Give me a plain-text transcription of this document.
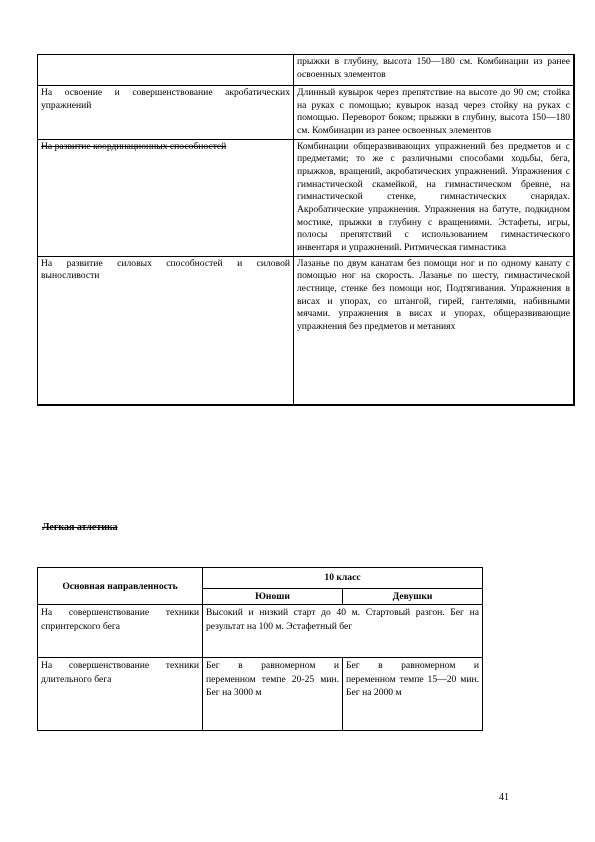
	прыжки в глубину, высота 150—180 см. Комбинации из ранее освоенных элементов
На освоение и совершенствование акробатических упражнений	Длинный кувырок через препятствие на высоте до 90 см; стойка на руках с помощью; кувырок назад через стойку на руках с помощью. Переворот боком; прыжки в глубину, высота 150—180 см. Комбинации из ранее освоенных элементов
На развитие координационных способностей	Комбинации общеразвивающих упражнений без предметов и с предметами; то же с различными способами ходьбы, бега, прыжков, вращений, акробатических упражнений. Упражнения с гимнастической скамейкой, на гимнастическом бревне, на гимнастической стенке, гимнастических снарядах. Акробатические упражнения. Упражнения на батуте, подкидном мостике, прыжки в глубину с вращениями. Эстафеты, игры, полосы препятствий с использованием гимнастического инвентаря и упражнений. Ритмическая гимнастика
На развитие силовых способностей и силовой выносливости	Лазанье по двум канатам без помощи ног и по одному канату с помощью ног на скорость. Лазанье по шесту, гимнастической лестнице, стенке без помощи ног, Подтягивания. Упражнения в висах и упорах, со штангой, гирей, гантелями, набивными мячами. упражнения в висах и упорах, общеразвивающие упражнения без предметов и метаниях
Легкая атлетика
Основная направленность	10 класс	
	Юноши	Девушки
На совершенствование техники спринтерского бега	Высокий и низкий старт до 40 м. Стартовый разгон. Бег на результат на 100 м. Эстафетный бег	
На совершенствование техники длительного бега	Бег в равномерном и переменном темпе 20-25 мин. Бег на 3000 м	Бег в равномерном и переменном темпе 15—20 мин. Бег на 2000 м
41
